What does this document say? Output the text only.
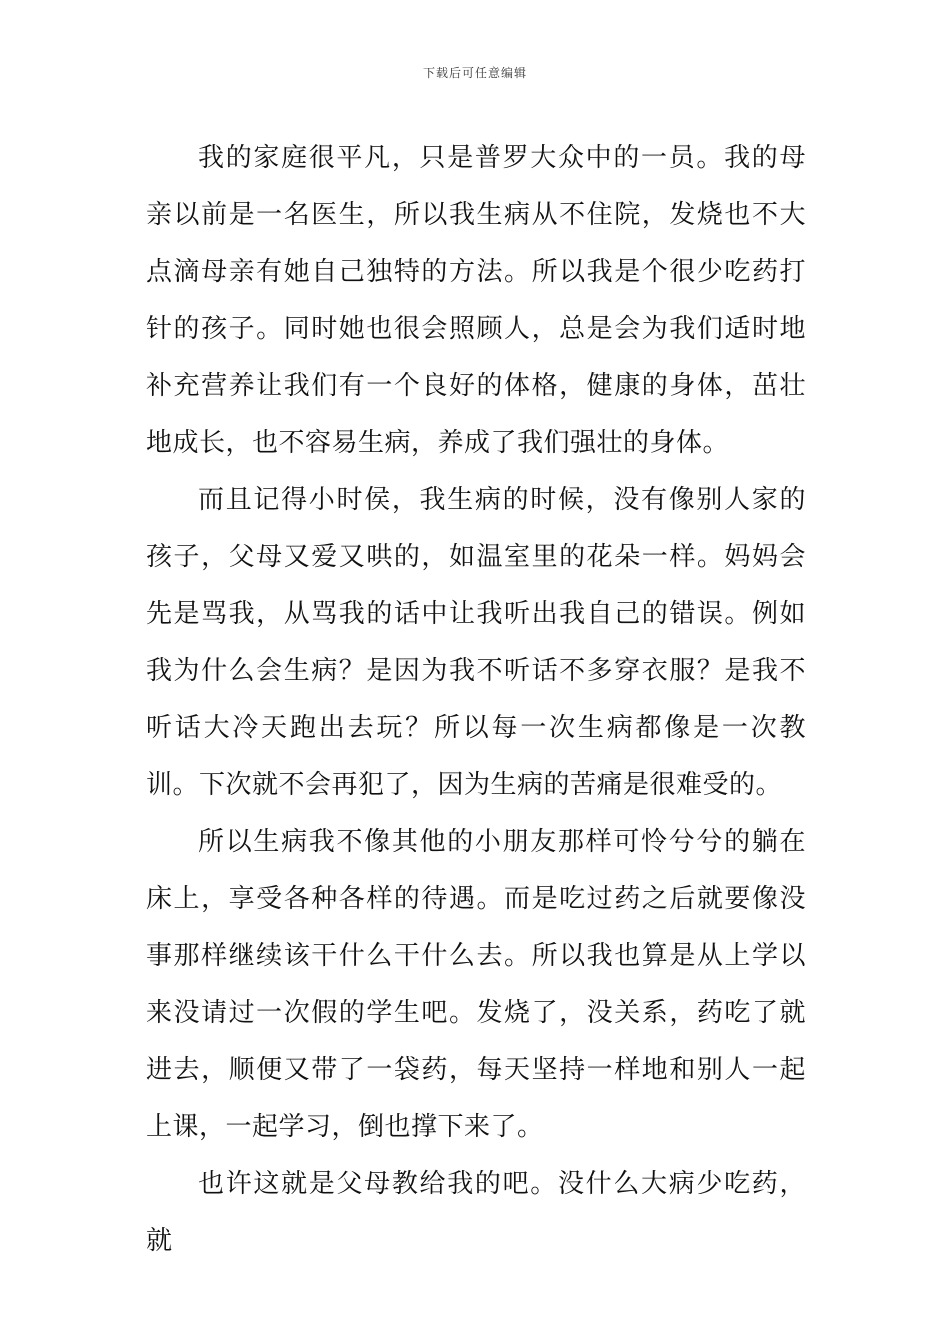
下载后可任意编辑

我的家庭很平凡，只是普罗大众中的一员。我的母亲以前是一名医生，所以我生病从不住院，发烧也不大点滴母亲有她自己独特的方法。所以我是个很少吃药打针的孩子。同时她也很会照顾人，总是会为我们适时地补充营养让我们有一个良好的体格，健康的身体，茁壮地成长，也不容易生病，养成了我们强壮的身体。

而且记得小时侯，我生病的时候，没有像别人家的孩子，父母又爱又哄的，如温室里的花朵一样。妈妈会先是骂我，从骂我的话中让我听出我自己的错误。例如我为什么会生病？是因为我不听话不多穿衣服？是我不听话大冷天跑出去玩？所以每一次生病都像是一次教训。下次就不会再犯了，因为生病的苦痛是很难受的。

所以生病我不像其他的小朋友那样可怜兮兮的躺在床上，享受各种各样的待遇。而是吃过药之后就要像没事那样继续该干什么干什么去。所以我也算是从上学以来没请过一次假的学生吧。发烧了，没关系，药吃了就进去，顺便又带了一袋药，每天坚持一样地和别人一起上课，一起学习，倒也撑下来了。

也许这就是父母教给我的吧。没什么大病少吃药，就
